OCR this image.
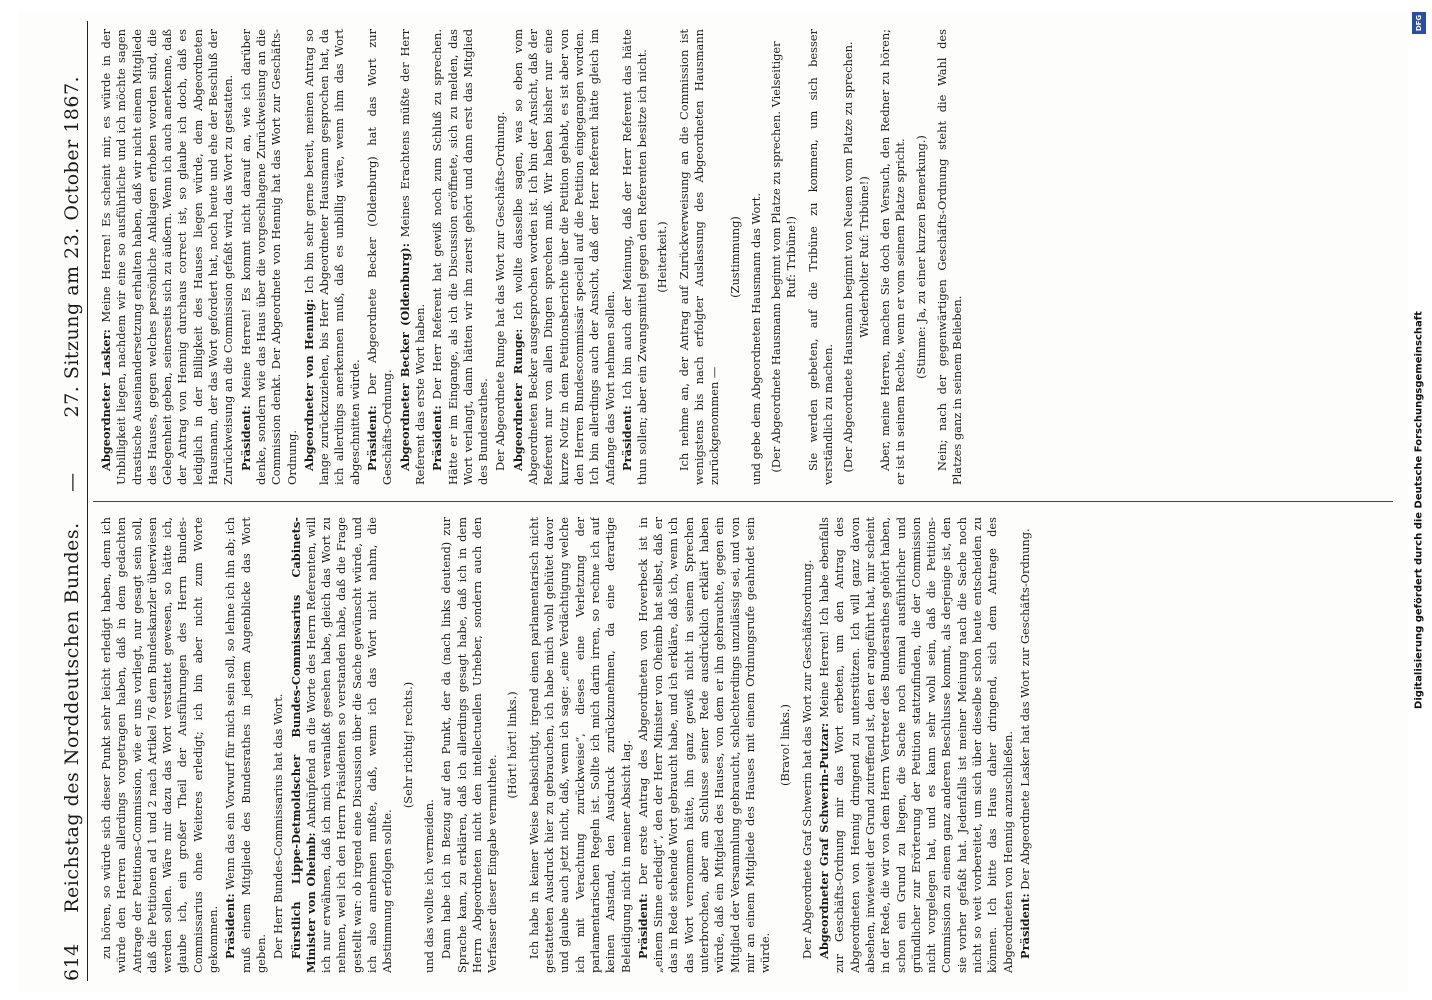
614
Reichstag des Norddeutschen Bundes.
—
27. Sitzung am 23. October 1867.

zu hören, so würde sich dieser Punkt sehr leicht erledigt haben, denn ich würde den Herren allerdings vorgetragen haben, daß in dem gedachten Antrage der Petitions-Commission, wie er uns vorliegt, nur gesagt sein soll, daß die Petitionen ad 1 und 2 nach Artikel 76 dem Bundeskanzler überwiesen werden sollen. Wäre mir dazu das Wort verstattet gewesen, so hätte ich, glaube ich, ein großer Theil der Ausführungen des Herrn Bundes-Commissarius ohne Weiteres erledigt; ich bin aber nicht zum Worte gekommen. Präsident: Wenn das ein Vorwurf für mich sein soll, so lehne ich ihn ab; ich muß einem Mitgliede des Bundesrathes in jedem Augenblicke das Wort geben. Der Herr Bundes-Commissarius hat das Wort. Fürstlich Lippe-Detmoldscher Bundes-Commissarius Cabinets-Minister von Oheimb: Anknüpfend an die Worte des Herrn Referenten, will ich nur erwähnen, daß ich mich veranlaßt gesehen habe, gleich das Wort zu nehmen, weil ich den Herrn Präsidenten so verstanden habe, daß die Frage gestellt war: ob irgend eine Discussion über die Sache gewünscht würde, und ich also annehmen mußte, daß, wenn ich das Wort nicht nahm, die Abstimmung erfolgen sollte.

(Sehr richtig! rechts.)

und das wollte ich vermeiden. Dann habe ich in Bezug auf den Punkt, der da (nach links deutend) zur Sprache kam, zu erklären, daß ich allerdings gesagt habe, daß ich in dem Herrn Abgeordneten nicht den intellectuellen Urheber, sondern auch den Verfasser dieser Eingabe vermuthete.

(Hört! hört! links.) Ich habe in keiner Weise beabsichtigt, irgend einen parlamentarisch nicht gestatteten Ausdruck hier zu gebrauchen, ich habe mich wohl gehütet davor und glaube auch jetzt nicht, daß, wenn ich sage: „eine Verdächtigung welche ich mit Verachtung zurückweise“, dieses eine Verletzung der parlamentarischen Regeln ist. Sollte ich mich darin irren, so rechne ich auf keinen Anstand, den Ausdruck zurückzunehmen, da eine derartige Beleidigung nicht in meiner Absicht lag. Präsident: Der erste Antrag des Abgeordneten von Hoverbeck ist in „einem Sinne erledigt“, den der Herr Minister von Oheimb hat selbst, daß er das in Rede stehende Wort gebraucht habe, und ich erkläre, daß ich, wenn ich das Wort vernommen hätte, ihn ganz gewiß nicht in seinem Sprechen unterbrochen, aber am Schlusse seiner Rede ausdrücklich erklärt haben würde, daß ein Mitglied des Hauses, von dem er ihn gebrauchte, gegen ein Mitglied der Versammlung gebraucht, schlechterdings unzulässig sei, und von mir an einem Mitgliede des Hauses mit einem Ordnungsrufe geahndet sein würde.

(Bravo! links.) Der Abgeordnete Graf Schwerin hat das Wort zur Geschäftsordnung. Abgeordneter Graf Schwerin-Putzar: Meine Herren! Ich habe ebenfalls zur Geschäfts-Ordnung mir das Wort erbeten, um den Antrag des Abgeordneten von Hennig dringend zu unterstützen. Ich will ganz davon absehen, inwieweit der Grund zutreffend ist, den er angeführt hat, mir scheint in der Rede, die wir von dem Herrn Vertreter des Bundesrathes gehört haben, schon ein Grund zu liegen, die Sache noch einmal ausführlicher und gründlicher zur Erörterung der Petition stattzufinden, die der Commission nicht vorgelegen hat, und es kann sehr wohl sein, daß die Petitions-Commission zu einem ganz anderen Beschlusse kommt, als derjenige ist, den sie vorher gefaßt hat. Jedenfalls ist meiner Meinung nach die Sache noch nicht so weit vorbereitet, um sich über dieselbe schon heute entscheiden zu können. Ich bitte das Haus daher dringend, sich dem Antrage des Abgeordneten von Hennig anzuschließen. Präsident: Der Abgeordnete Lasker hat das Wort zur Geschäfts-Ordnung.

Abgeordneter Lasker: Meine Herren! Es scheint mir, es würde in der Unbilligkeit liegen, nachdem wir eine so ausführliche und ich möchte sagen drastische Auseinandersetzung erhalten haben, daß wir nicht einem Mitgliede des Hauses, gegen welches persönliche Anklagen erhoben worden sind, die Gelegenheit geben, seinerseits sich zu äußern. Wenn ich auch anerkenne, daß der Antrag von Hennig durchaus correct ist, so glaube ich doch, daß es lediglich in der Billigkeit des Hauses liegen würde, dem Abgeordneten Hausmann, der das Wort gefordert hat, noch heute und ehe der Beschluß der Zurückweisung an die Commission gefaßt wird, das Wort zu gestatten. Präsident: Meine Herren! Es kommt nicht darauf an, wie ich darüber denke, sondern wie das Haus über die vorgeschlagene Zurückweisung an die Commission denkt. Der Abgeordnete von Hennig hat das Wort zur Geschäfts-Ordnung. Abgeordneter von Hennig: Ich bin sehr gerne bereit, meinen Antrag so lange zurückzuziehen, bis Herr Abgeordneter Hausmann gesprochen hat, da ich allerdings anerkennen muß, daß es unbillig wäre, wenn ihm das Wort abgeschnitten würde. Präsident: Der Abgeordnete Becker (Oldenburg) hat das Wort zur Geschäfts-Ordnung. Abgeordneter Becker (Oldenburg): Meines Erachtens müßte der Herr Referent das erste Wort haben. Präsident: Der Herr Referent hat gewiß noch zum Schluß zu sprechen. Hätte er im Eingange, als ich die Discussion eröffnete, sich zu melden, das Wort verlangt, dann hätten wir ihn zuerst gehört und dann erst das Mitglied des Bundesrathes. Der Abgeordnete Runge hat das Wort zur Geschäfts-Ordnung. Abgeordneter Runge: Ich wollte dasselbe sagen, was so eben vom Abgeordneten Becker ausgesprochen worden ist. Ich bin der Ansicht, daß der Referent nur von allen Dingen sprechen muß. Wir haben bisher nur eine kurze Notiz in dem Petitionsberichte über die Petition gehabt, es ist aber von den Herren Bundescommissär speciell auf die Petition eingegangen worden. Ich bin allerdings auch der Ansicht, daß der Herr Referent hätte gleich im Anfange das Wort nehmen sollen. Präsident: Ich bin auch der Meinung, daß der Herr Referent das hätte thun sollen; aber ein Zwangsmittel gegen den Referenten besitze ich nicht. (Heiterkeit.) Ich nehme an, der Antrag auf Zurückverweisung an die Commission ist wenigstens bis nach erfolgter Auslassung des Abgeordneten Hausmann zurückgenommen —

(Zustimmung) und gebe dem Abgeordneten Hausmann das Wort. (Der Abgeordnete Hausmann beginnt vom Platze zu sprechen. Vielseitiger Ruf: Tribüne!) Sie werden gebeten, auf die Tribüne zu kommen, um sich besser verständlich zu machen. (Der Abgeordnete Hausmann beginnt von Neuem vom Platze zu sprechen. Wiederholter Ruf: Tribüne!) Aber, meine Herren, machen Sie doch den Versuch, den Redner zu hören; er ist in seinem Rechte, wenn er vom seinem Platze spricht. (Stimme: Ja, zu einer kurzen Bemerkung.) Nein; nach der gegenwärtigen Geschäfts-Ordnung steht die Wahl des Platzes ganz in seinem Belieben.	Digitalisierung gefördert durch die Deutsche Forschungsgemeinschaft
DFG
